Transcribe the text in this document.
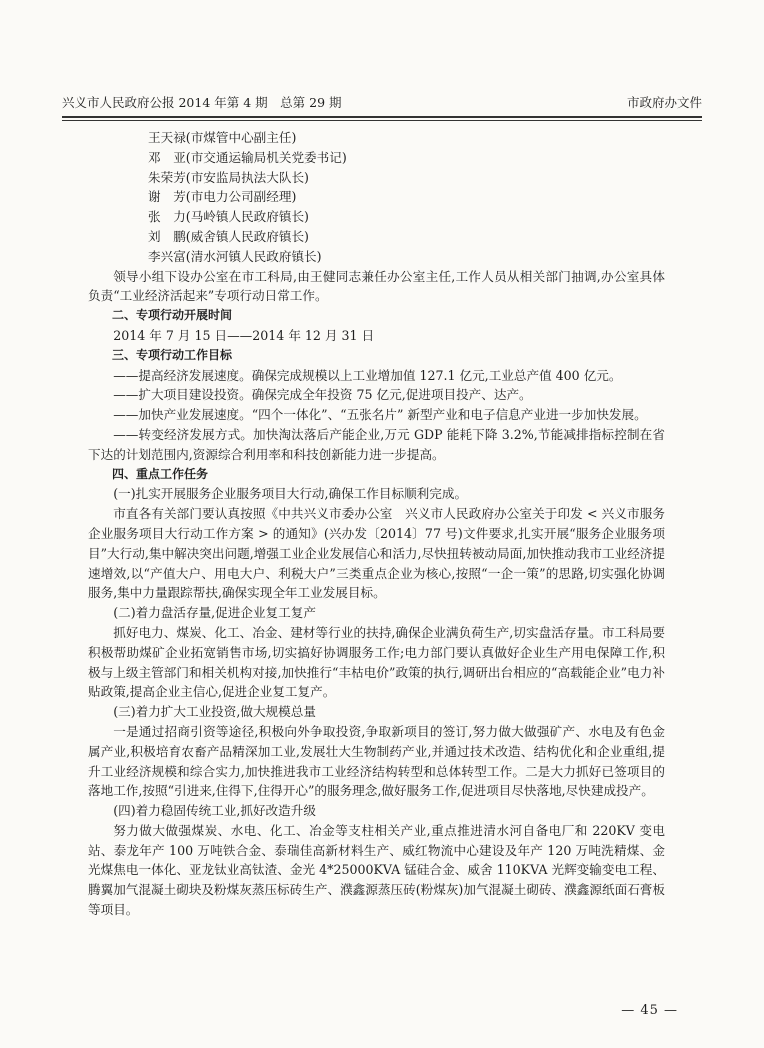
兴义市人民政府公报 2014 年第 4 期　总第 29 期	市政府办文件
王天禄(市煤管中心副主任)
邓　亚(市交通运输局机关党委书记)
朱荣芳(市安监局执法大队长)
谢　芳(市电力公司副经理)
张　力(马岭镇人民政府镇长)
刘　鹏(威舍镇人民政府镇长)
李兴富(清水河镇人民政府镇长)

领导小组下设办公室在市工科局,由王健同志兼任办公室主任,工作人员从相关部门抽调,办公室具体负责“工业经济活起来”专项行动日常工作。

二、专项行动开展时间

2014 年 7 月 15 日——2014 年 12 月 31 日

三、专项行动工作目标

——提高经济发展速度。确保完成规模以上工业增加值 127.1 亿元,工业总产值 400 亿元。

——扩大项目建设投资。确保完成全年投资 75 亿元,促进项目投产、达产。

——加快产业发展速度。“四个一体化”、“五张名片” 新型产业和电子信息产业进一步加快发展。

——转变经济发展方式。加快淘汰落后产能企业,万元 GDP 能耗下降 3.2%,节能减排指标控制在省下达的计划范围内,资源综合利用率和科技创新能力进一步提高。

四、重点工作任务

(一)扎实开展服务企业服务项目大行动,确保工作目标顺利完成。

市直各有关部门要认真按照《中共兴义市委办公室　兴义市人民政府办公室关于印发 < 兴义市服务企业服务项目大行动工作方案 > 的通知》(兴办发〔2014〕77 号)文件要求,扎实开展“服务企业服务项目”大行动,集中解决突出问题,增强工业企业发展信心和活力,尽快扭转被动局面,加快推动我市工业经济提速增效,以“产值大户、用电大户、利税大户”三类重点企业为核心,按照“一企一策”的思路,切实强化协调服务,集中力量跟踪帮扶,确保实现全年工业发展目标。

(二)着力盘活存量,促进企业复工复产

抓好电力、煤炭、化工、冶金、建材等行业的扶持,确保企业满负荷生产,切实盘活存量。市工科局要积极帮助煤矿企业拓宽销售市场,切实搞好协调服务工作;电力部门要认真做好企业生产用电保障工作,积极与上级主管部门和相关机构对接,加快推行“丰枯电价”政策的执行,调研出台相应的“高载能企业”电力补贴政策,提高企业主信心,促进企业复工复产。

(三)着力扩大工业投资,做大规模总量

一是通过招商引资等途径,积极向外争取投资,争取新项目的签订,努力做大做强矿产、水电及有色金属产业,积极培育农畜产品精深加工业,发展壮大生物制药产业,并通过技术改造、结构优化和企业重组,提升工业经济规模和综合实力,加快推进我市工业经济结构转型和总体转型工作。二是大力抓好已签项目的落地工作,按照“引进来,住得下,住得开心”的服务理念,做好服务工作,促进项目尽快落地,尽快建成投产。

(四)着力稳固传统工业,抓好改造升级

努力做大做强煤炭、水电、化工、冶金等支柱相关产业,重点推进清水河自备电厂和 220KV 变电站、泰龙年产 100 万吨铁合金、泰瑞佳高新材料生产、威红物流中心建设及年产 120 万吨洗精煤、金光煤焦电一体化、亚龙钛业高钛渣、金光 4*25000KVA 锰硅合金、威舍 110KVA 光辉变输变电工程、腾翼加气混凝土砌块及粉煤灰蒸压标砖生产、濮鑫源蒸压砖(粉煤灰)加气混凝土砌砖、濮鑫源纸面石膏板等项目。

— 45 —
